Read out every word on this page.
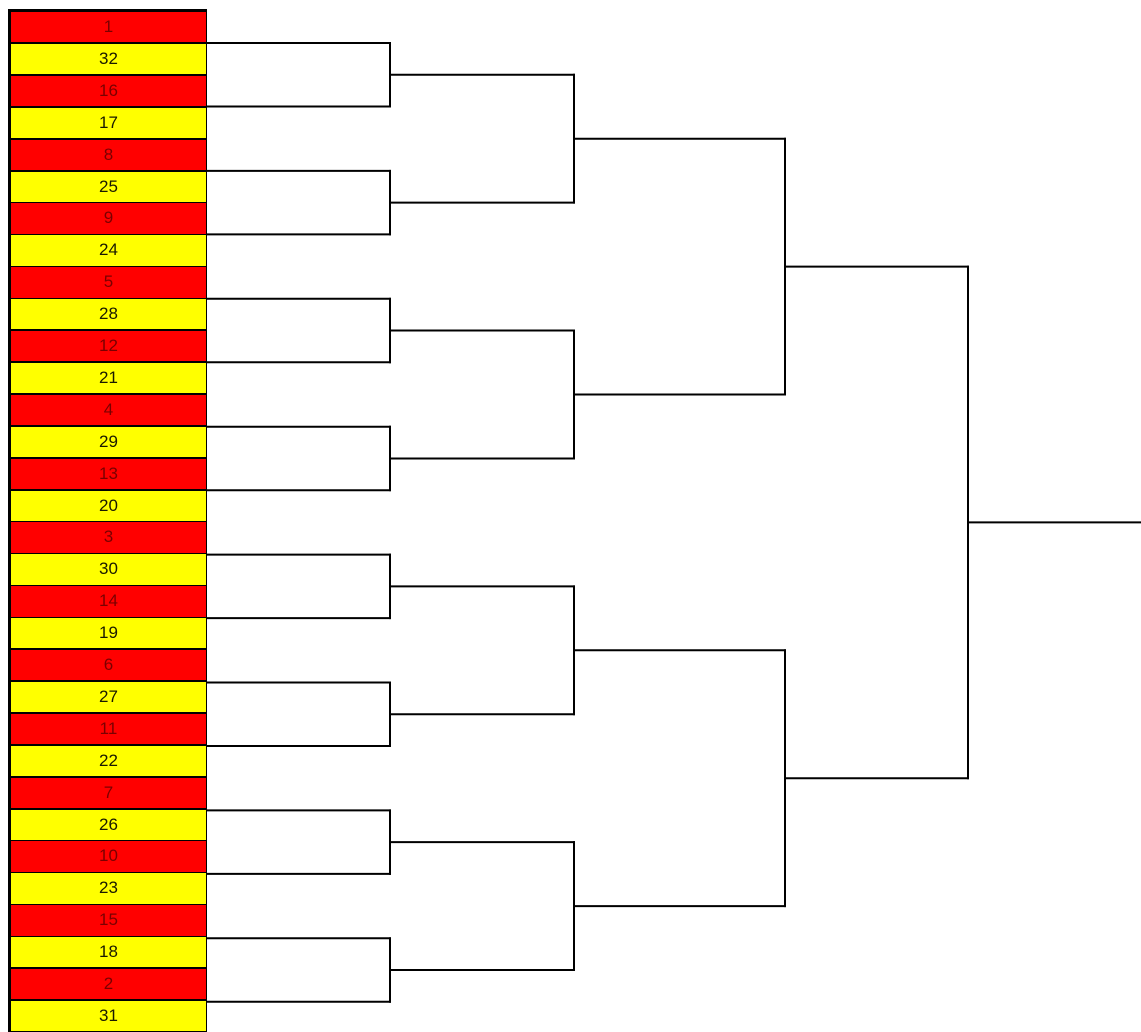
1
32
16
17
8
25
9
24
5
28
12
21
4
29
13
20
3
30
14
19
6
27
11
22
7
26
10
23
15
18
2
31
